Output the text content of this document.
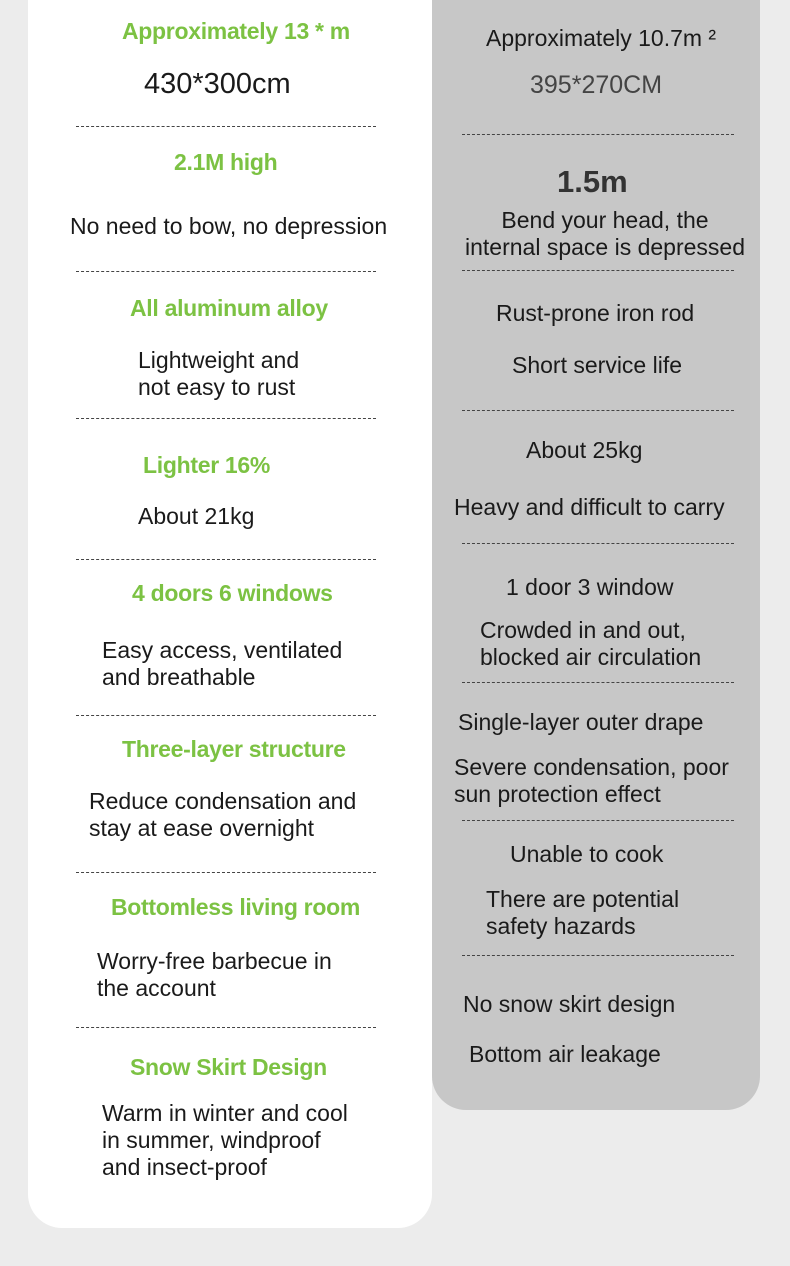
Approximately 13 * m

430*300cm

2.1M high

No need to bow, no depression

All aluminum alloy

Lightweight and
not easy to rust

Lighter 16%

About 21kg

4 doors 6 windows

Easy access, ventilated
and breathable

Three-layer structure

Reduce condensation and
stay at ease overnight

Bottomless living room

Worry-free barbecue in
the account

Snow Skirt Design

Warm in winter and cool
in summer, windproof
and insect-proof

Approximately 10.7m ²

395*270CM

1.5m

Bend your head, the
internal space is depressed

Rust-prone iron rod

Short service life

About 25kg

Heavy and difficult to carry

1 door 3 window

Crowded in and out,
blocked air circulation

Single-layer outer drape

Severe condensation, poor
sun protection effect

Unable to cook

There are potential
safety hazards

No snow skirt design

Bottom air leakage
